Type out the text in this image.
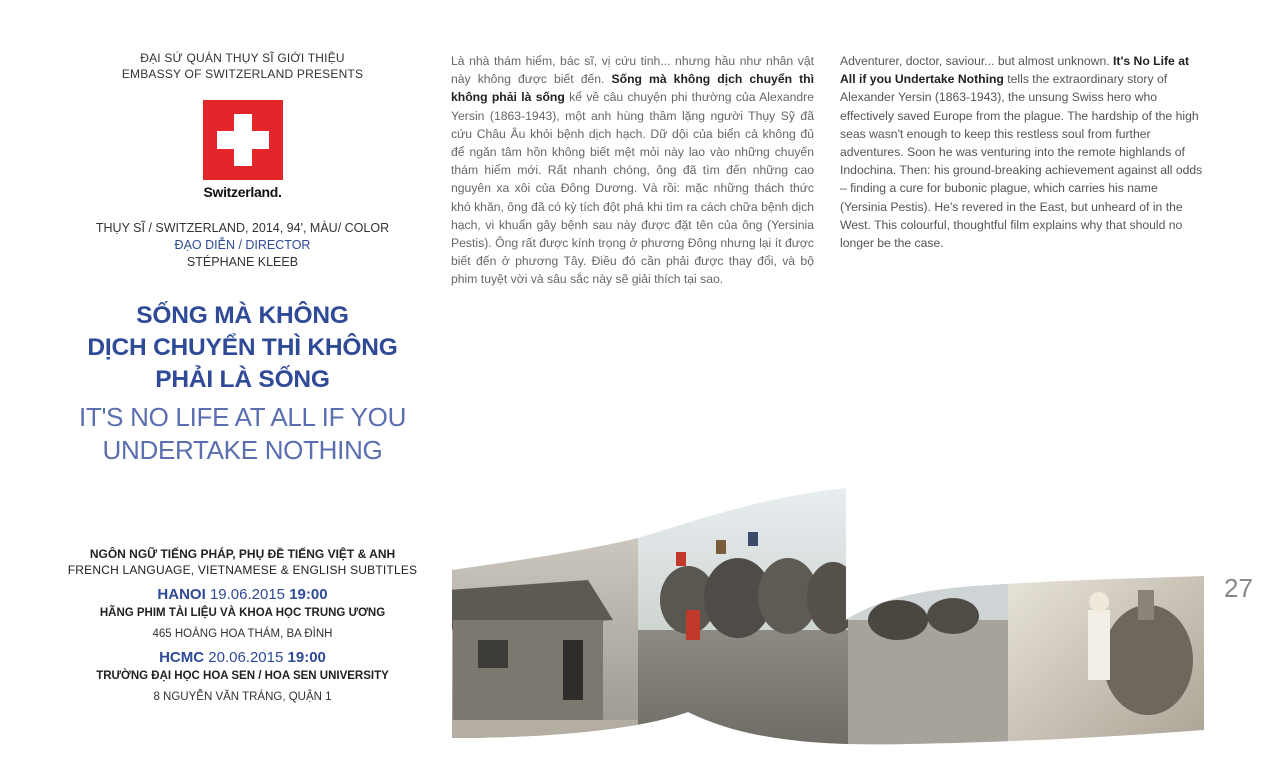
ĐẠI SỨ QUÁN THỤY SĨ GIỚI THIỆU
EMBASSY OF SWITZERLAND PRESENTS
Switzerland.
THỤY SĨ / SWITZERLAND, 2014, 94', MÀU/ COLOR
ĐẠO DIỄN / DIRECTOR
STÉPHANE KLEEB
SỐNG MÀ KHÔNG
DỊCH CHUYỂN THÌ KHÔNG
PHẢI LÀ SỐNG
IT'S NO LIFE AT ALL IF YOU
UNDERTAKE NOTHING
NGÔN NGỮ TIẾNG PHÁP, PHỤ ĐỀ TIẾNG VIỆT & ANH
FRENCH LANGUAGE, VIETNAMESE & ENGLISH SUBTITLES
HANOI 19.06.2015 19:00
HÃNG PHIM TÀI LIỆU VÀ KHOA HỌC TRUNG ƯƠNG
465 HOÀNG HOA THÁM, BA ĐÌNH
HCMC 20.06.2015 19:00
TRƯỜNG ĐẠI HỌC HOA SEN / HOA SEN UNIVERSITY
8 NGUYỄN VĂN TRÁNG, QUẬN 1
Là nhà thám hiểm, bác sĩ, vị cứu tinh... nhưng hầu như nhân vật này không được biết đến. Sống mà không dịch chuyển thì không phải là sống kể về câu chuyện phi thường của Alexandre Yersin (1863-1943), một anh hùng thầm lặng người Thụy Sỹ đã cứu Châu Âu khỏi bệnh dịch hạch. Dữ dội của biển cả không đủ để ngăn tâm hồn không biết mệt mỏi này lao vào những chuyến thám hiểm mới. Rất nhanh chóng, ông đã tìm đến những cao nguyên xa xôi của Đông Dương. Và rồi: mặc những thách thức khó khăn, ông đã có kỳ tích đột phá khi tìm ra cách chữa bệnh dịch hạch, vi khuẩn gây bệnh sau này được đặt tên của ông (Yersinia Pestis). Ông rất được kính trọng ở phương Đông nhưng lại ít được biết đến ở phương Tây. Điều đó cần phải được thay đổi, và bộ phim tuyệt vời và sâu sắc này sẽ giải thích tại sao.
Adventurer, doctor, saviour... but almost unknown. It's No Life at All if you Undertake Nothing tells the extraordinary story of Alexander Yersin (1863-1943), the unsung Swiss hero who effectively saved Europe from the plague. The hardship of the high seas wasn't enough to keep this restless soul from further adventures. Soon he was venturing into the remote highlands of Indochina. Then: his ground-breaking achievement against all odds – finding a cure for bubonic plague, which carries his name (Yersinia Pestis). He's revered in the East, but unheard of in the West. This colourful, thoughtful film explains why that should no longer be the case.
27
